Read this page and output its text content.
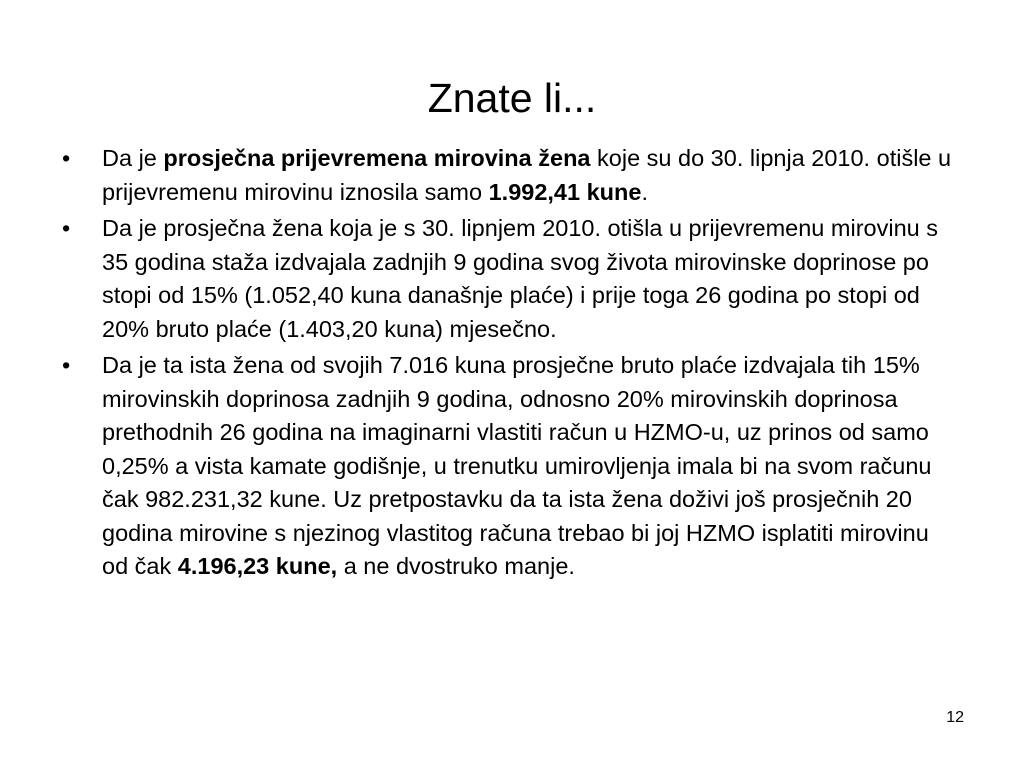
Znate li...
•	Da je prosječna prijevremena mirovina žena koje su do 30. lipnja 2010. otišle u prijevremenu mirovinu iznosila samo 1.992,41 kune.
•	Da je prosječna žena koja je s 30. lipnjem 2010. otišla u prijevremenu mirovinu s 35 godina staža izdvajala zadnjih 9 godina svog života mirovinske doprinose po stopi od 15% (1.052,40 kuna današnje plaće) i prije toga 26 godina po stopi od 20% bruto plaće (1.403,20 kuna) mjesečno.
•	Da je ta ista žena od svojih 7.016 kuna prosječne bruto plaće izdvajala tih 15% mirovinskih doprinosa zadnjih 9 godina, odnosno 20% mirovinskih doprinosa prethodnih 26 godina na imaginarni vlastiti račun u HZMO-u, uz prinos od samo 0,25% a vista kamate godišnje, u trenutku umirovljenja imala bi na svom računu čak 982.231,32 kune. Uz pretpostavku da ta ista žena doživi još prosječnih 20 godina mirovine s njezinog vlastitog računa trebao bi joj HZMO isplatiti mirovinu od čak 4.196,23 kune, a ne dvostruko manje.
12
